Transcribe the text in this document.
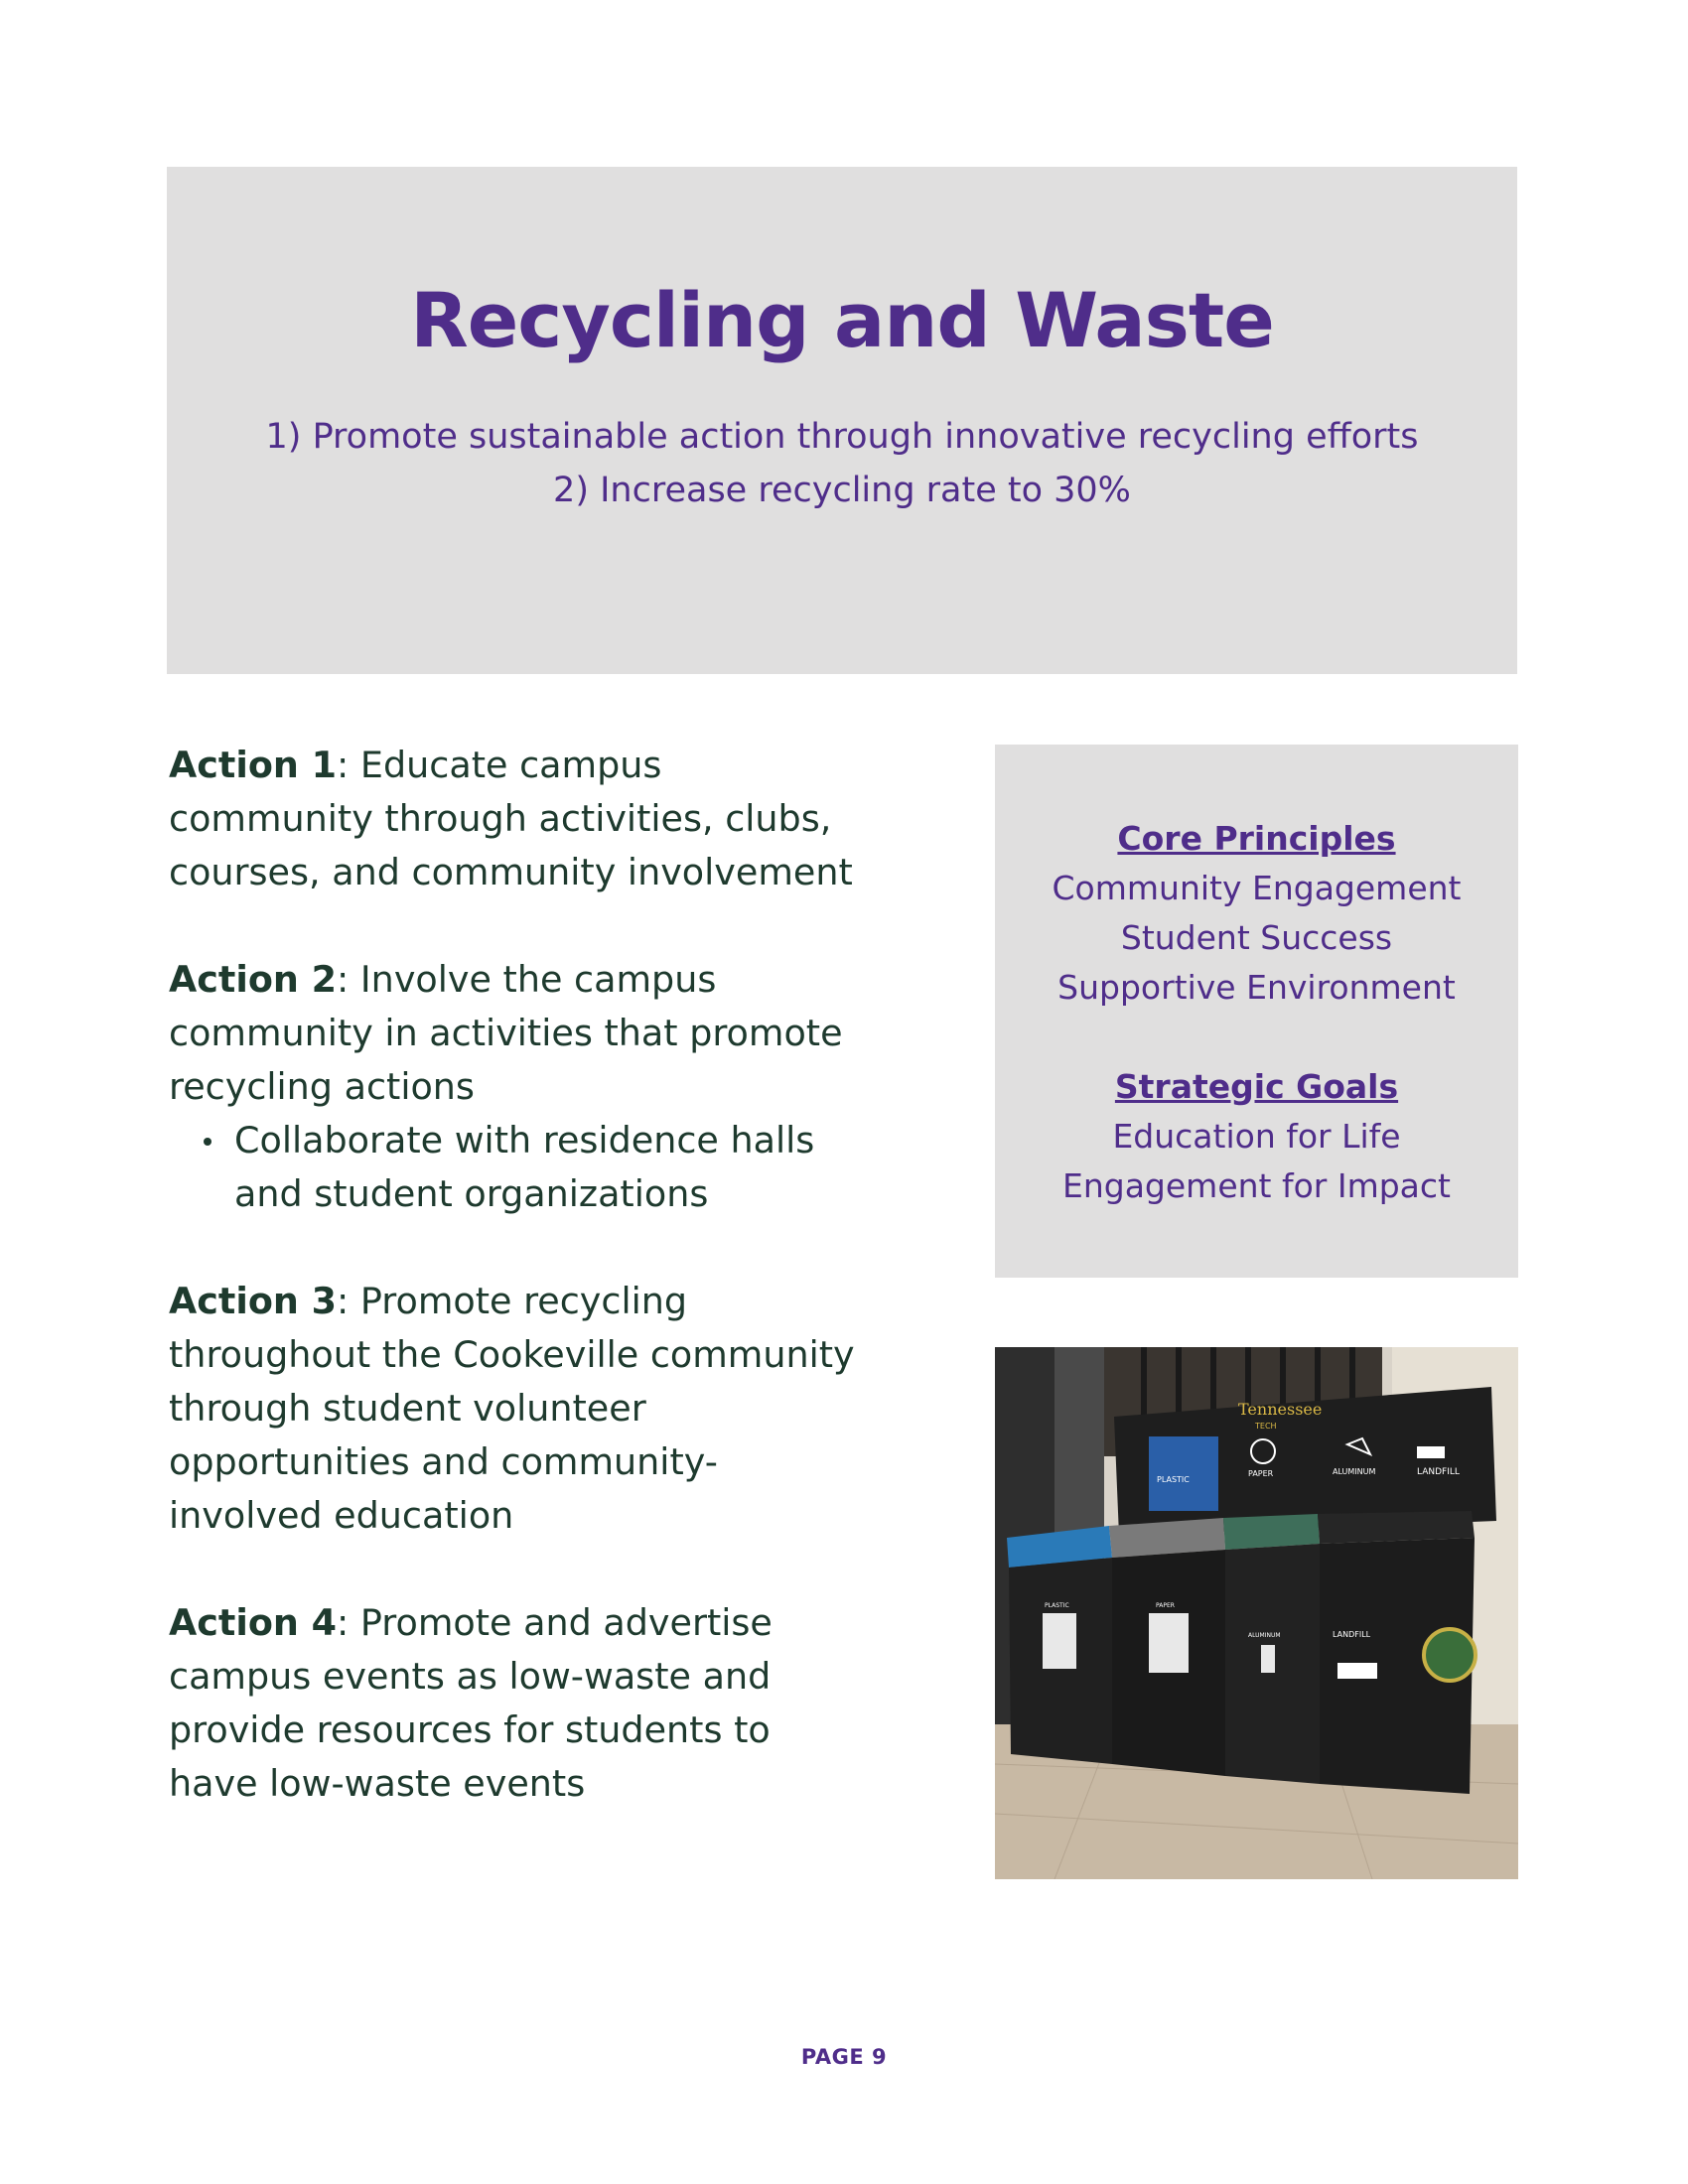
Recycling and Waste

1) Promote sustainable action through innovative recycling efforts

2) Increase recycling rate to 30%

Action 1: Educate campus community through activities, clubs, courses, and community involvement

Action 2: Involve the campus community in activities that promote recycling actions

Collaborate with residence halls and student organizations

Action 3: Promote recycling throughout the Cookeville community through student volunteer opportunities and community-involved education

Action 4: Promote and advertise campus events as low-waste and provide resources for students to have low-waste events

Core Principles

Community Engagement

Student Success

Supportive Environment

Strategic Goals

Education for Life

Engagement for Impact

Tennessee
TECH
PLASTIC
PAPER	ALUMINUM	LANDFILL
PLASTIC	PAPER
ALUMINUM	LANDFILL
PAGE 9
